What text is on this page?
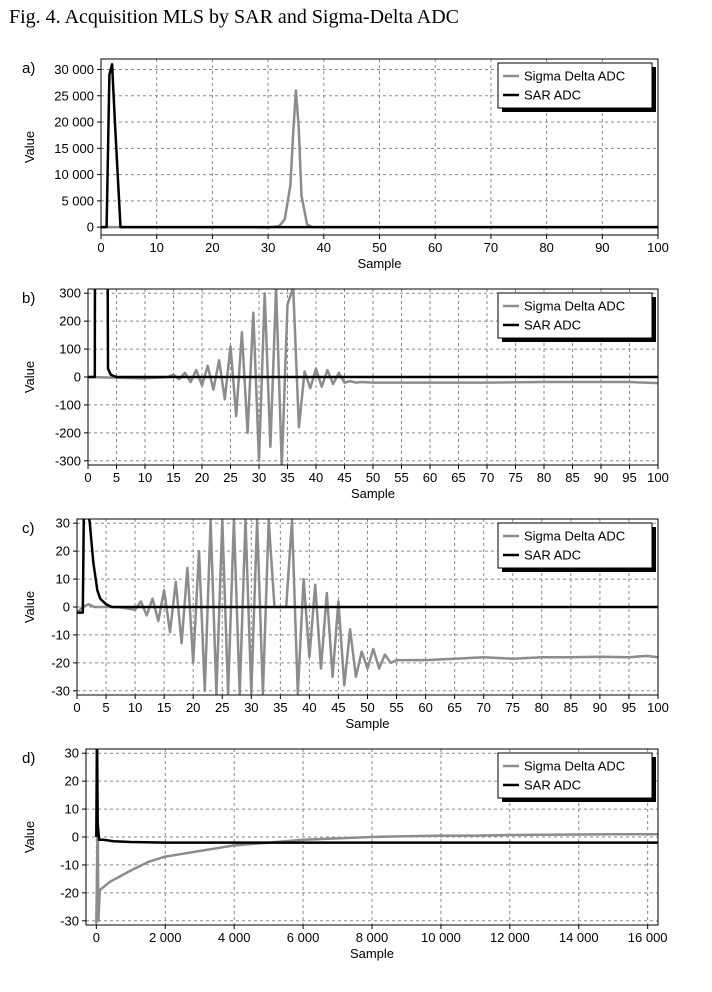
Fig. 4. Acquisition MLS by SAR and Sigma-Delta ADC
0	10	20	30	40	50	60	70	80	90	100
0
5 000
10 000
15 000
20 000
25 000
30 000	Sigma Delta ADC
SAR ADC
a)
Sample
Value
0 5 10 15 20 25 30 35 40 45 50 55 60 65 70 75 80 85 90 95 100
-300
-200
-100
0
100
200
300
Sigma Delta ADC
SAR ADC
b)
Sample
Value
0 5 10 15 20 25 30 35 40 45 50 55 60 65 70 75 80 85 90 95 100
-30
-20
-10
0
10
20
30
Sigma Delta ADC
SAR ADC
c)
Sample
Value
0	2 000	4 000	6 000	8 000	10 000 12 000 14 000 16 000
-30
-20
-10
0
10
20
30
Sigma Delta ADC
SAR ADC
d)
Sample
Value
